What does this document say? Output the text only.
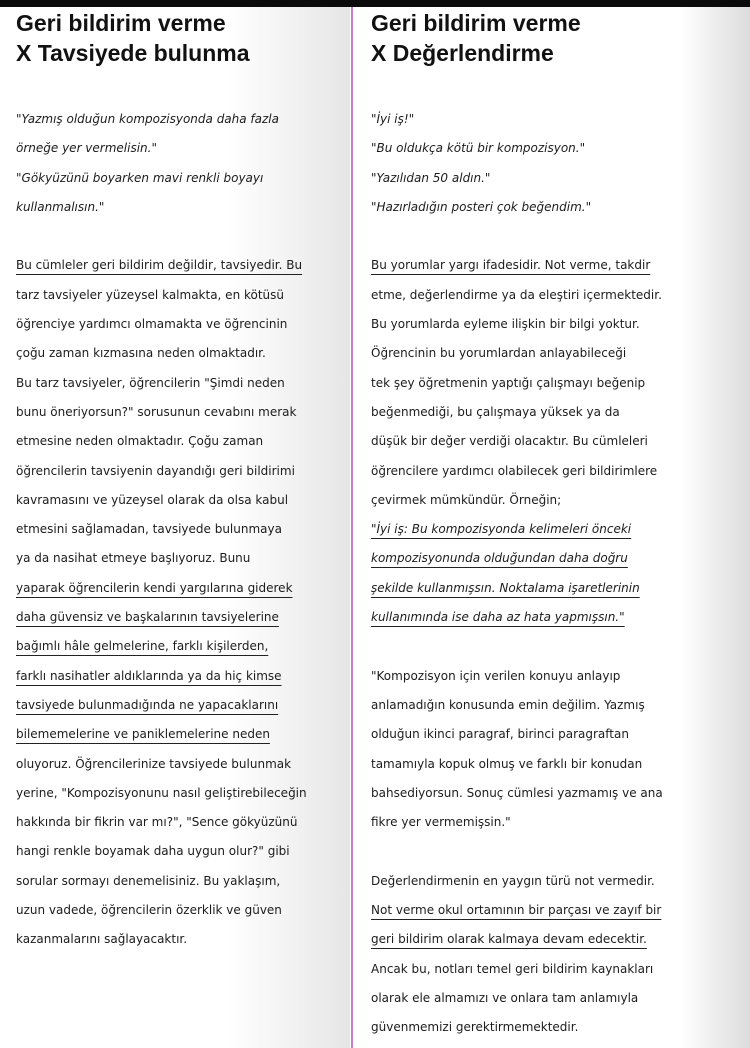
Geri bildirim verme
X Tavsiyede bulunma

"Yazmış olduğun kompozisyonda daha fazla

örneğe yer vermelisin."

"Gökyüzünü boyarken mavi renkli boyayı

kullanmalısın."

Bu cümleler geri bildirim değildir, tavsiyedir. Bu

tarz tavsiyeler yüzeysel kalmakta, en kötüsü

öğrenciye yardımcı olmamakta ve öğrencinin

çoğu zaman kızmasına neden olmaktadır.

Bu tarz tavsiyeler, öğrencilerin "Şimdi neden

bunu öneriyorsun?" sorusunun cevabını merak

etmesine neden olmaktadır. Çoğu zaman

öğrencilerin tavsiyenin dayandığı geri bildirimi

kavramasını ve yüzeysel olarak da olsa kabul

etmesini sağlamadan, tavsiyede bulunmaya

ya da nasihat etmeye başlıyoruz. Bunu

yaparak öğrencilerin kendi yargılarına giderek

daha güvensiz ve başkalarının tavsiyelerine

bağımlı hâle gelmelerine, farklı kişilerden,

farklı nasihatler aldıklarında ya da hiç kimse

tavsiyede bulunmadığında ne yapacaklarını

bilememelerine ve paniklemelerine neden

oluyoruz. Öğrencilerinize tavsiyede bulunmak

yerine, "Kompozisyonunu nasıl geliştirebileceğin

hakkında bir fikrin var mı?", "Sence gökyüzünü

hangi renkle boyamak daha uygun olur?" gibi

sorular sormayı denemelisiniz. Bu yaklaşım,

uzun vadede, öğrencilerin özerklik ve güven

kazanmalarını sağlayacaktır.

Geri bildirim verme
X Değerlendirme

"İyi iş!"

"Bu oldukça kötü bir kompozisyon."

"Yazılıdan 50 aldın."

"Hazırladığın posteri çok beğendim."

Bu yorumlar yargı ifadesidir. Not verme, takdir

etme, değerlendirme ya da eleştiri içermektedir.

Bu yorumlarda eyleme ilişkin bir bilgi yoktur.

Öğrencinin bu yorumlardan anlayabileceği

tek şey öğretmenin yaptığı çalışmayı beğenip

beğenmediği, bu çalışmaya yüksek ya da

düşük bir değer verdiği olacaktır. Bu cümleleri

öğrencilere yardımcı olabilecek geri bildirimlere

çevirmek mümkündür. Örneğin;

"İyi iş: Bu kompozisyonda kelimeleri önceki

kompozisyonunda olduğundan daha doğru

şekilde kullanmışsın. Noktalama işaretlerinin

kullanımında ise daha az hata yapmışsın."

"Kompozisyon için verilen konuyu anlayıp

anlamadığın konusunda emin değilim. Yazmış

olduğun ikinci paragraf, birinci paragraftan

tamamıyla kopuk olmuş ve farklı bir konudan

bahsediyorsun. Sonuç cümlesi yazmamış ve ana

fikre yer vermemişsin."

Değerlendirmenin en yaygın türü not vermedir.

Not verme okul ortamının bir parçası ve zayıf bir

geri bildirim olarak kalmaya devam edecektir.

Ancak bu, notları temel geri bildirim kaynakları

olarak ele almamızı ve onlara tam anlamıyla

güvenmemizi gerektirmemektedir.
